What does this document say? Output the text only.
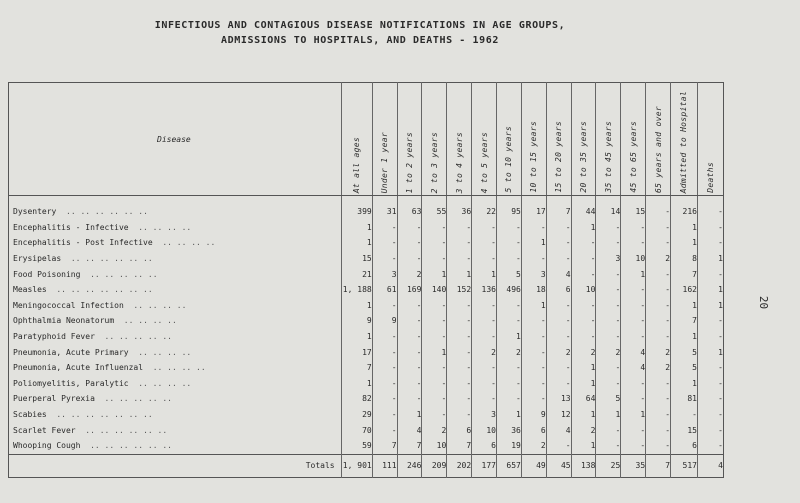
INFECTIOUS AND CONTAGIOUS DISEASE NOTIFICATIONS IN AGE GROUPS,
ADMISSIONS TO HOSPITALS, AND DEATHS - 1962
20
Disease	At all ages	Under 1 year	1 to 2 years	2 to 3 years	3 to 4 years	4 to 5 years	5 to 10 years	10 to 15 years	15 to 20 years	20 to 35 years	35 to 45 years	45 to 65 years	65 years and over	Admitted to Hospital	Deaths
Dysentery .. .. .. .. .. ..	399	31	63	55	36	22	95	17	7	44	14	15	-	216	-
Encephalitis - Infective .. .. .. ..	1	-	-	-	-	-	-	-	-	1	-	-	-	1	-
Encephalitis - Post Infective .. .. .. ..	1	-	-	-	-	-	-	1	-	-	-	-	-	1	-
Erysipelas .. .. .. .. .. ..	15	-	-	-	-	-	-	-	-	-	3	10	2	8	1
Food Poisoning .. .. .. .. ..	21	3	2	1	1	1	5	3	4	-	-	1	-	7	-
Measles .. .. .. .. .. .. ..	1, 188	61	169	140	152	136	496	18	6	10	-	-	-	162	1
Meningococcal Infection .. .. .. ..	1	-	-	-	-	-	-	1	-	-	-	-	-	1	1
Ophthalmia Neonatorum .. .. .. ..	9	9	-	-	-	-	-	-	-	-	-	-	-	7	-
Paratyphoid Fever .. .. .. .. ..	1	-	-	-	-	-	1	-	-	-	-	-	-	1	-
Pneumonia, Acute Primary .. .. .. ..	17	-	-	1	-	2	2	-	2	2	2	4	2	5	1
Pneumonia, Acute Influenzal .. .. .. ..	7	-	-	-	-	-	-	-	-	1	-	4	2	5	-
Poliomyelitis, Paralytic .. .. .. ..	1	-	-	-	-	-	-	-	-	1	-	-	-	1	-
Puerperal Pyrexia .. .. .. .. ..	82	-	-	-	-	-	-	-	13	64	5	-	-	81	-
Scabies .. .. .. .. .. .. ..	29	-	1	-	-	3	1	9	12	1	1	1	-	-	-
Scarlet Fever .. .. .. .. .. ..	70	-	4	2	6	10	36	6	4	2	-	-	-	15	-
Whooping Cough .. .. .. .. .. ..	59	7	7	10	7	6	19	2	-	1	-	-	-	6	-
Totals	1, 901	111	246	209	202	177	657	49	45	138	25	35	7	517	4
